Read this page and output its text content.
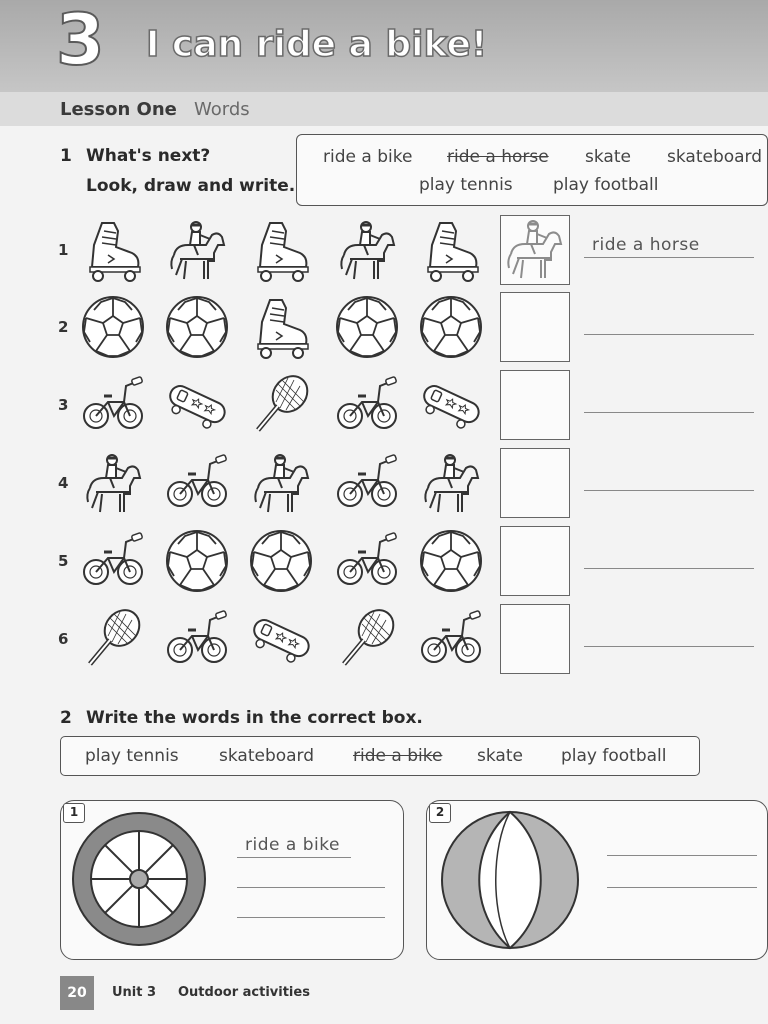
3 I can ride a bike!
Lesson One Words
1 What's next?
Look, draw and write.
ride a bike ride a horse skate skateboard
play tennis play football
1	ride a horse
2
3
4
5
6
2 Write the words in the correct box.
play tennis skateboard ride a bike skate play football
1
ride a bike
2
20	Unit 3 Outdoor activities
